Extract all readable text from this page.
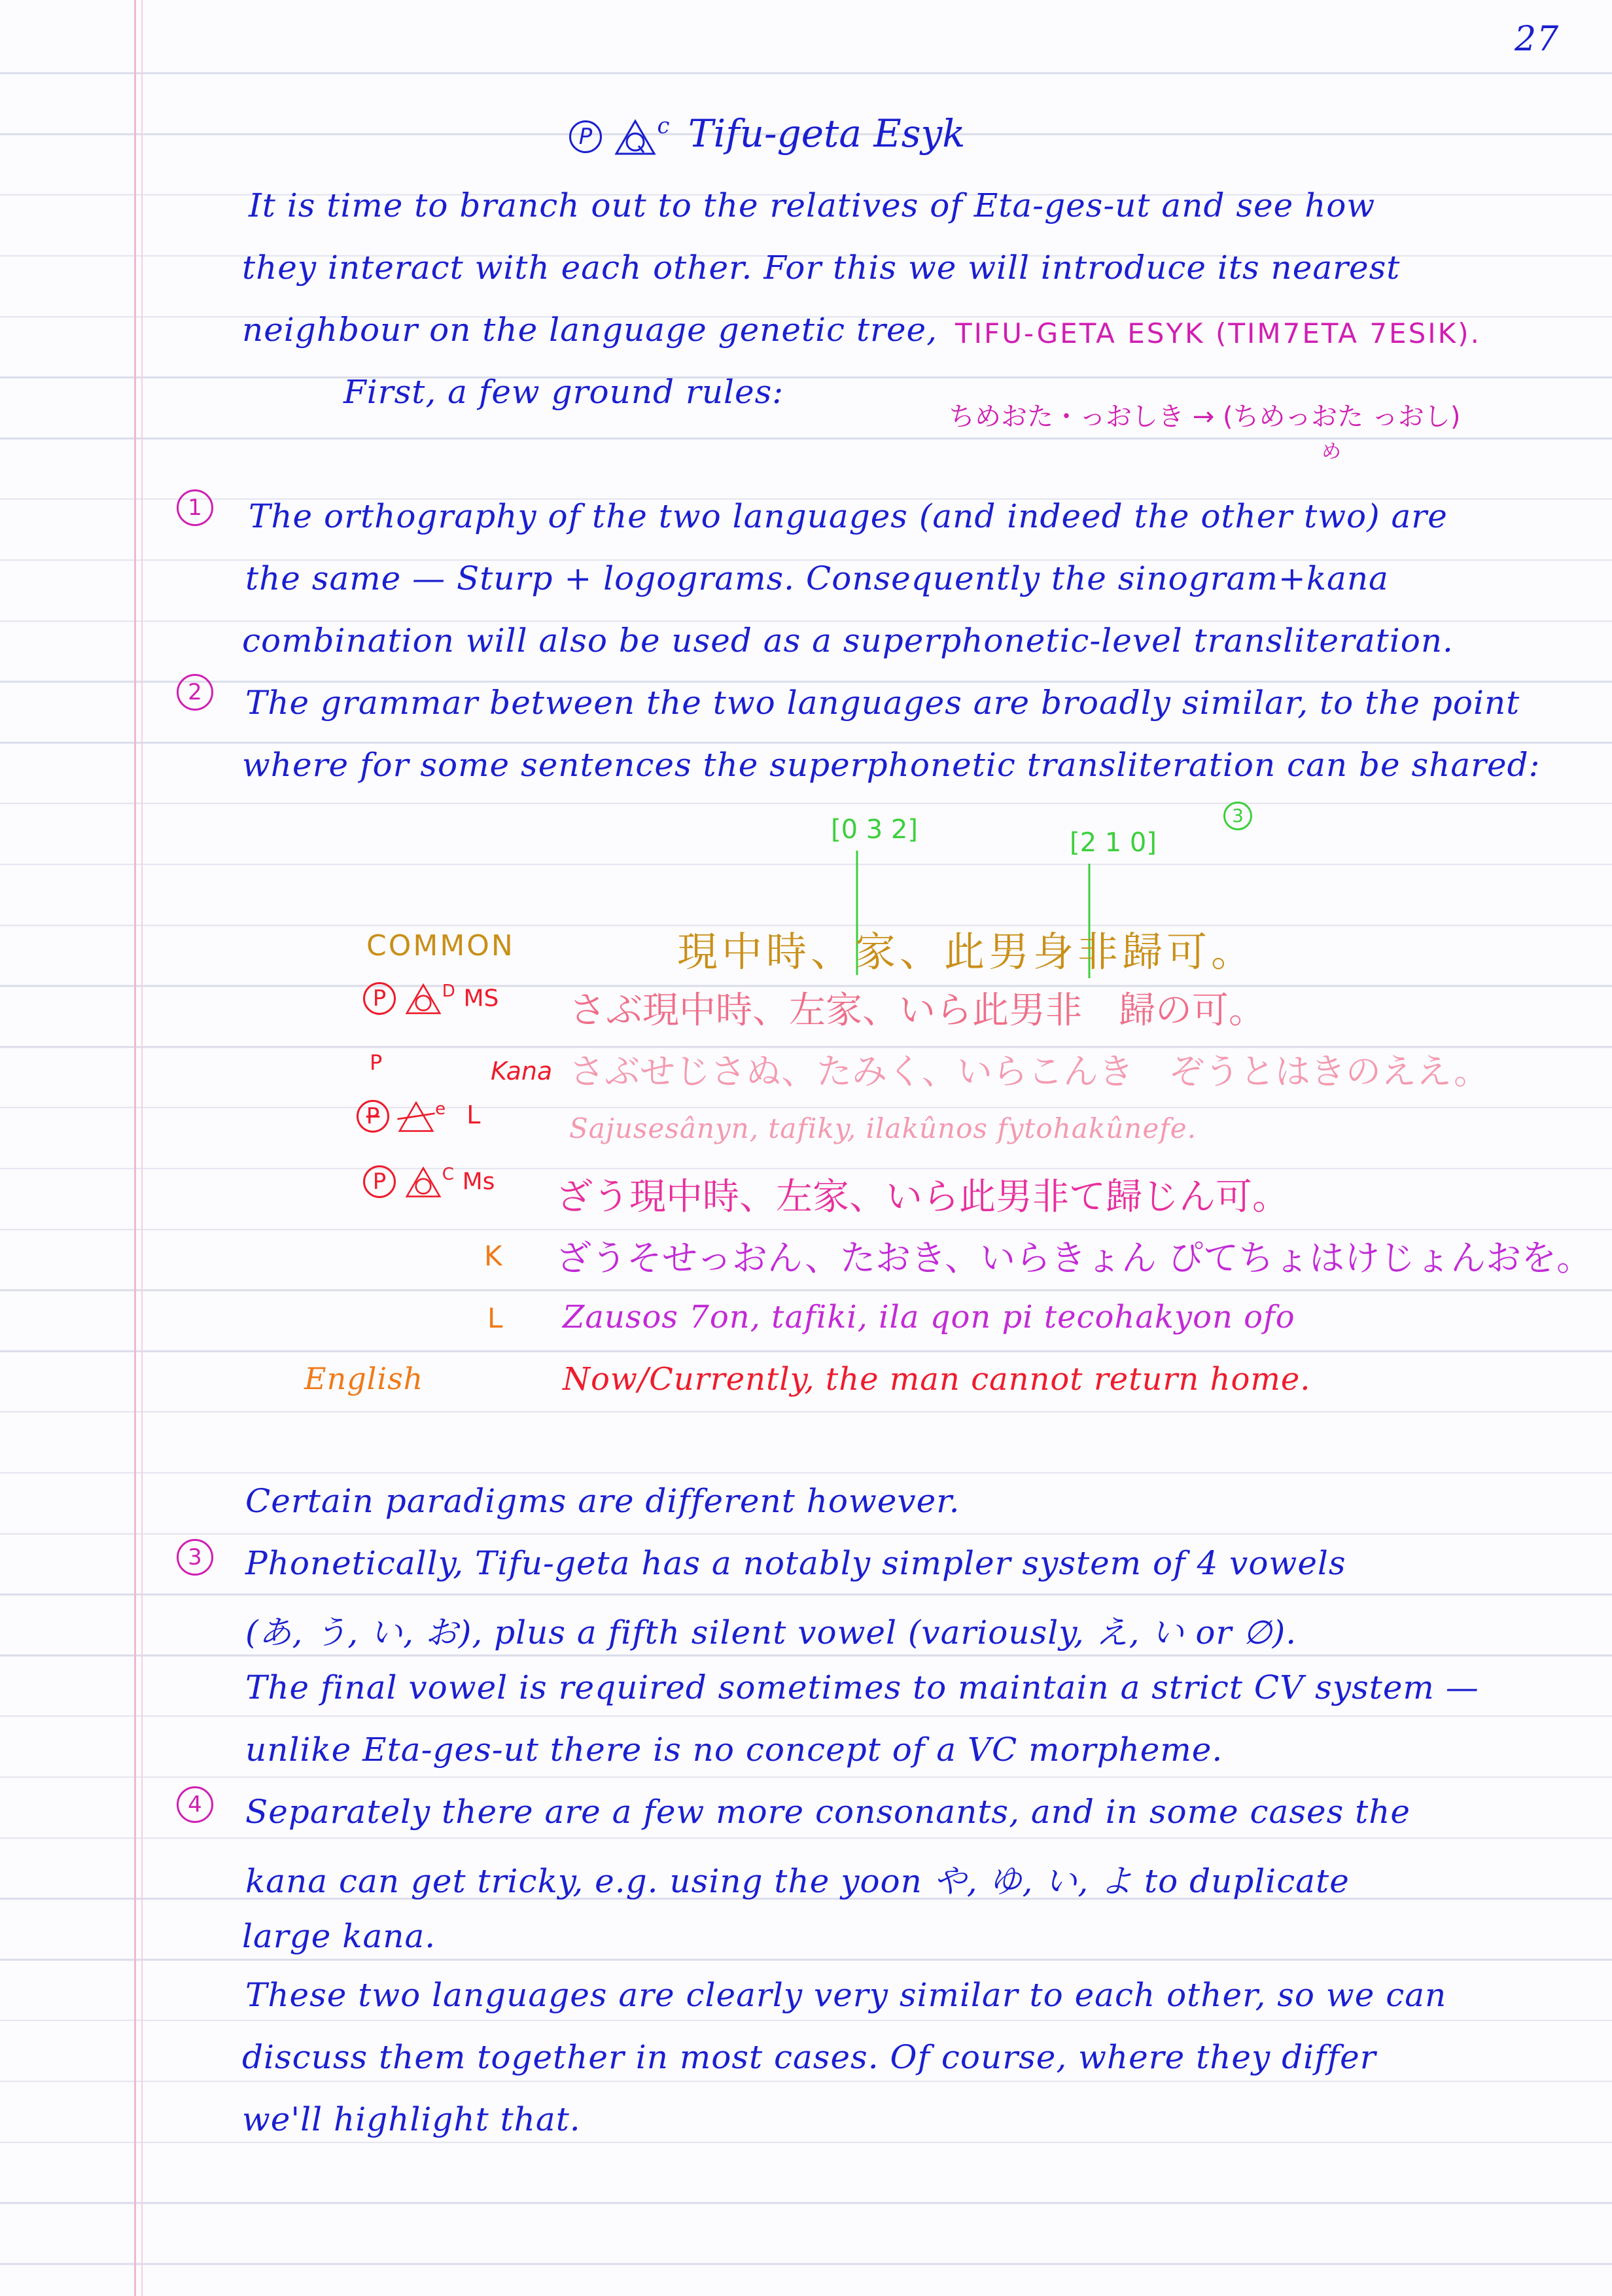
27
P	$^c$ Tifu-geta Esyk
It is time to branch out to the relatives of Eta-ges-ut and see how
they interact with each other. For this we will introduce its nearest
neighbour on the language genetic tree, TIFU-GETA ESYK (TIM7ETA 7ESIK).
First, a few ground rules:
ちめおた・っおしき → (ちめっおた っおし)
め
1	The orthography of the two languages (and indeed the other two) are
the same — Sturp + logograms. Consequently the sinogram+kana
combination will also be used as a superphonetic-level transliteration.
2	The grammar between the two languages are broadly similar, to the point
where for some sentences the superphonetic transliteration can be shared:
[0 3 2]	[2 1 0]
3
COMMON	現中時、家、此男身非歸可。
P	$^D$ MS さぶ現中時、左家、いら此男非　歸の可。
P	Kana さぶせじさぬ、たみく、いらこんき　ぞうとはきのええ。
P	$^e$ L	Sajusesânyn, tafiky, ilakûnos fytohakûnefe.
P	$^C$ Ms ざう現中時、左家、いら此男非て歸じん可。
K ざうそせっおん、たおき、いらきょん ぴてちょはけじょんおを。
L Zausos 7on, tafiki, ila qon pi tecohakyon ofo
English	Now/Currently, the man cannot return home.
Certain paradigms are different however.
3	Phonetically, Tifu-geta has a notably simpler system of 4 vowels
(あ, う, い, お), plus a fifth silent vowel (variously, え, い or ∅).
The final vowel is required sometimes to maintain a strict CV system —
unlike Eta-ges-ut there is no concept of a VC morpheme.
4	Separately there are a few more consonants, and in some cases the
kana can get tricky, e.g. using the yoon や, ゆ, い, よ to duplicate
large kana.
These two languages are clearly very similar to each other, so we can
discuss them together in most cases. Of course, where they differ
we'll highlight that.
